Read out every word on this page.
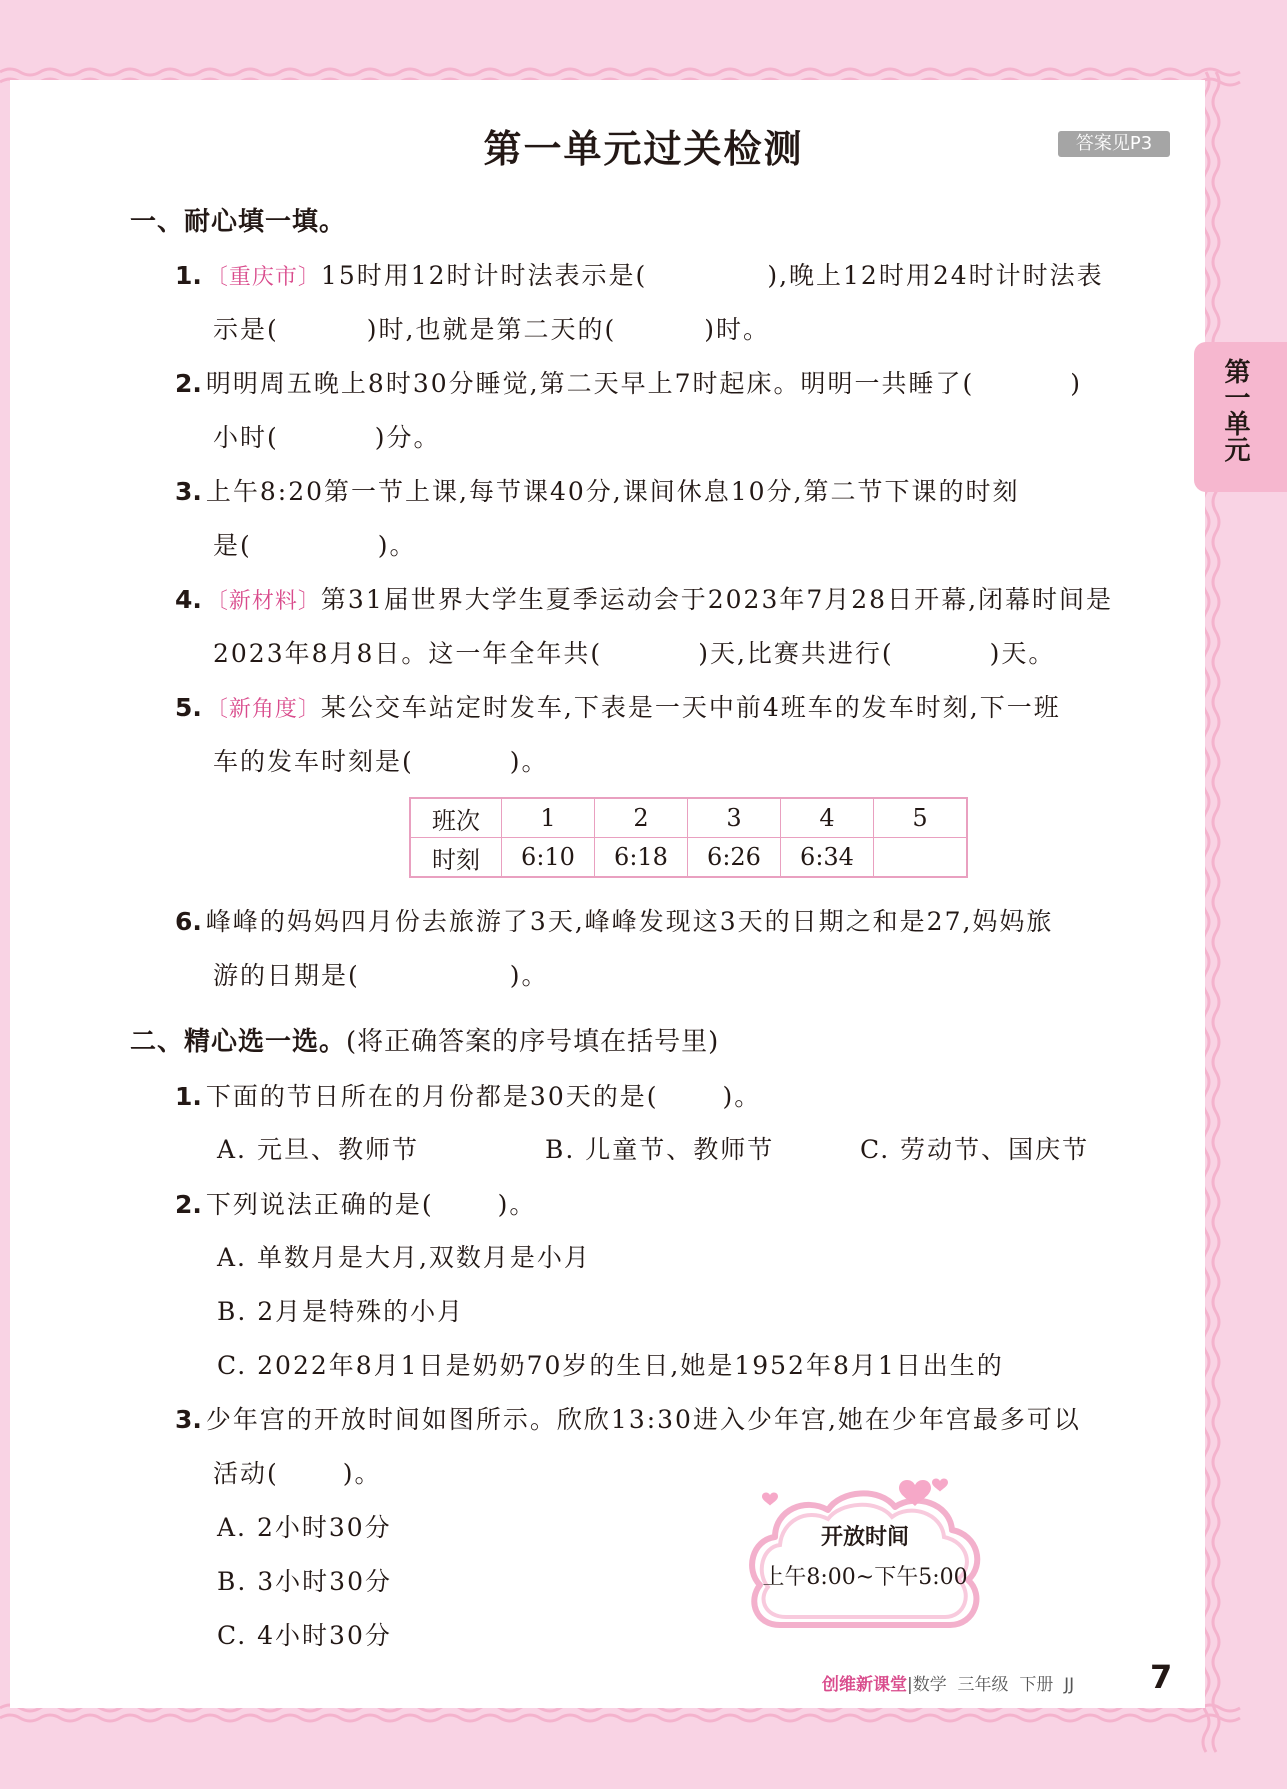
第一单元过关检测	答案见P3
第一单元
一、耐心填一填。
1. 〔重庆市〕15时用12时计时法表示是(	),晚上12时用24时计时法表
示是(	)时,也就是第二天的(	)时。
2. 明明周五晚上8时30分睡觉,第二天早上7时起床。明明一共睡了(	)
小时(	)分。
3. 上午8:20第一节上课,每节课40分,课间休息10分,第二节下课的时刻
是(	)。
4. 〔新材料〕第31届世界大学生夏季运动会于2023年7月28日开幕,闭幕时间是
2023年8月8日。这一年全年共(	)天,比赛共进行(	)天。
5. 〔新角度〕某公交车站定时发车,下表是一天中前4班车的发车时刻,下一班
车的发车时刻是(	)。
班次	1	2	3	4	5
时刻	6:10	6:18	6:26	6:34	
6. 峰峰的妈妈四月份去旅游了3天,峰峰发现这3天的日期之和是27,妈妈旅
游的日期是(	)。
二、精心选一选。(将正确答案的序号填在括号里)
1. 下面的节日所在的月份都是30天的是(	)。
A. 元旦、教师节	B. 儿童节、教师节	C. 劳动节、国庆节
2. 下列说法正确的是(	)。
A. 单数月是大月,双数月是小月
B. 2月是特殊的小月
C. 2022年8月1日是奶奶70岁的生日,她是1952年8月1日出生的
3. 少年宫的开放时间如图所示。欣欣13:30进入少年宫,她在少年宫最多可以
活动(	)。
A. 2小时30分
B. 3小时30分
C. 4小时30分
开放时间
上午8:00~下午5:00
创维新课堂|数学 三年级 下册 JJ 7
